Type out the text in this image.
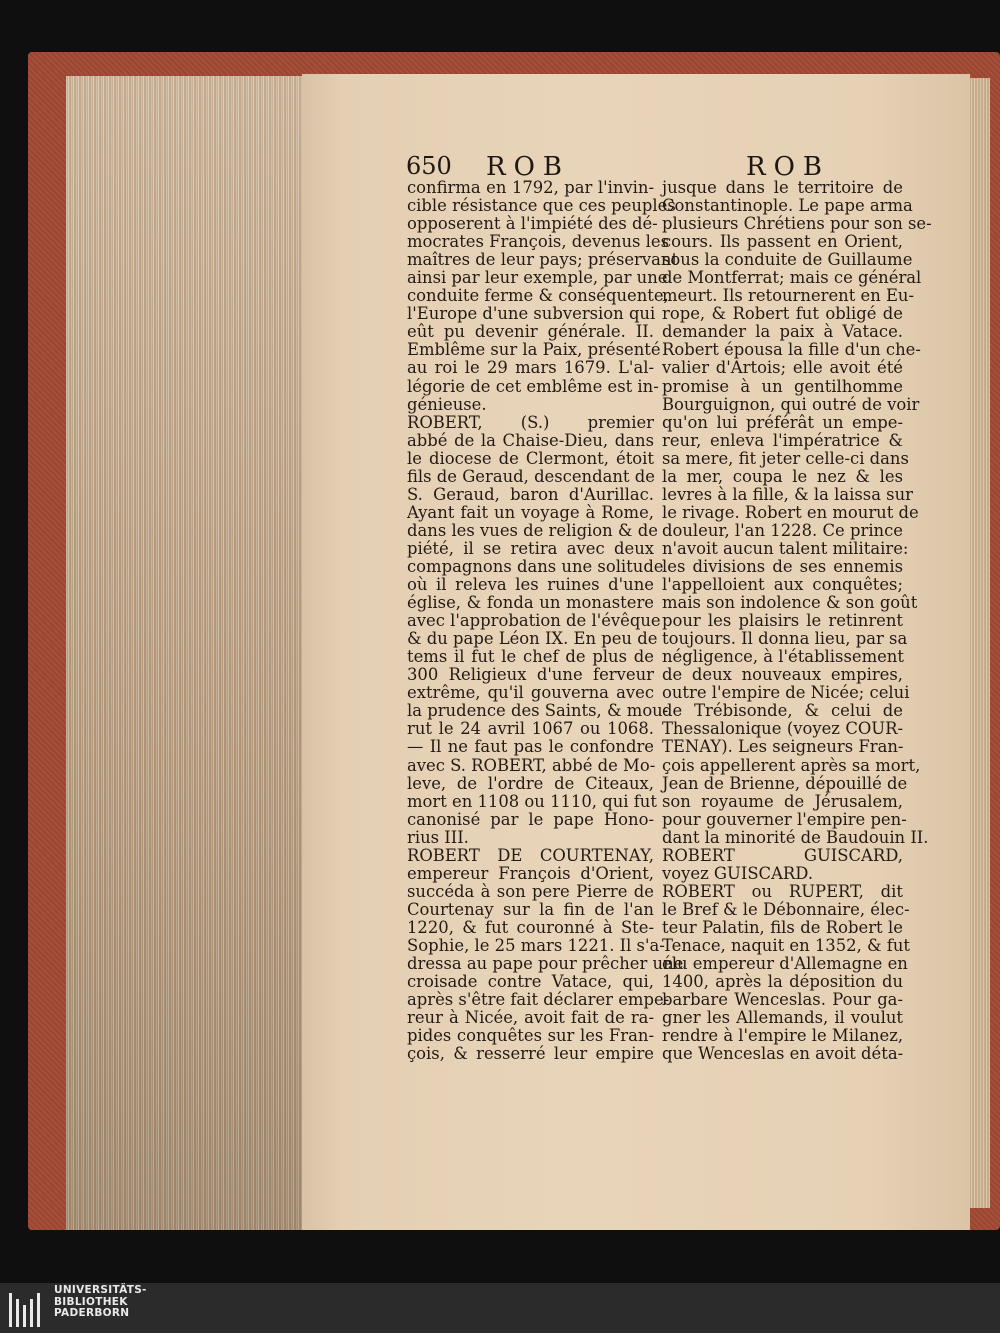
650 ROB	ROB
confirma en 1792, par l'invin-
cible résistance que ces peuples
opposerent à l'impiété des dé-
mocrates François, devenus les
maîtres de leur pays; préservant
ainsi par leur exemple, par une
conduite ferme & conséquente,
l'Europe d'une subversion qui
eût pu devenir générale. II.
Emblême sur la Paix, présenté
au roi le 29 mars 1679. L'al-
légorie de cet emblême est in-
génieuse.
ROBERT, (S.) premier
abbé de la Chaise-Dieu, dans
le diocese de Clermont, étoit
fils de Geraud, descendant de
S. Geraud, baron d'Aurillac.
Ayant fait un voyage à Rome,
dans les vues de religion & de
piété, il se retira avec deux
compagnons dans une solitude
où il releva les ruines d'une
église, & fonda un monastere
avec l'approbation de l'évêque
& du pape Léon IX. En peu de
tems il fut le chef de plus de
300 Religieux d'une ferveur
extrême, qu'il gouverna avec
la prudence des Saints, & mou-
rut le 24 avril 1067 ou 1068.
— Il ne faut pas le confondre
avec S. ROBERT, abbé de Mo-
leve, de l'ordre de Citeaux,
mort en 1108 ou 1110, qui fut
canonisé par le pape Hono-
rius III.
ROBERT DE COURTENAY,
empereur François d'Orient,
succéda à son pere Pierre de
Courtenay sur la fin de l'an
1220, & fut couronné à Ste-
Sophie, le 25 mars 1221. Il s'a-
dressa au pape pour prêcher une
croisade contre Vatace, qui,
après s'être fait déclarer empe-
reur à Nicée, avoit fait de ra-
pides conquêtes sur les Fran-
çois, & resserré leur empire
jusque dans le territoire de
Constantinople. Le pape arma
plusieurs Chrétiens pour son se-
cours. Ils passent en Orient,
sous la conduite de Guillaume
de Montferrat; mais ce général
meurt. Ils retournerent en Eu-
rope, & Robert fut obligé de
demander la paix à Vatace.
Robert épousa la fille d'un che-
valier d'Artois; elle avoit été
promise à un gentilhomme
Bourguignon, qui outré de voir
qu'on lui préférât un empe-
reur, enleva l'impératrice &
sa mere, fit jeter celle-ci dans
la mer, coupa le nez & les
levres à la fille, & la laissa sur
le rivage. Robert en mourut de
douleur, l'an 1228. Ce prince
n'avoit aucun talent militaire:
les divisions de ses ennemis
l'appelloient aux conquêtes;
mais son indolence & son goût
pour les plaisirs le retinrent
toujours. Il donna lieu, par sa
négligence, à l'établissement
de deux nouveaux empires,
outre l'empire de Nicée; celui
de Trébisonde, & celui de
Thessalonique (voyez COUR-
TENAY). Les seigneurs Fran-
çois appellerent après sa mort,
Jean de Brienne, dépouillé de
son royaume de Jérusalem,
pour gouverner l'empire pen-
dant la minorité de Baudouin II.
ROBERT GUISCARD,
voyez GUISCARD.
ROBERT ou RUPERT, dit
le Bref & le Débonnaire, élec-
teur Palatin, fils de Robert le
Tenace, naquit en 1352, & fut
élu empereur d'Allemagne en
1400, après la déposition du
barbare Wenceslas. Pour ga-
gner les Allemands, il voulut
rendre à l'empire le Milanez,
que Wenceslas en avoit déta-
UNIVERSITÄTS-
BIBLIOTHEK
PADERBORN
